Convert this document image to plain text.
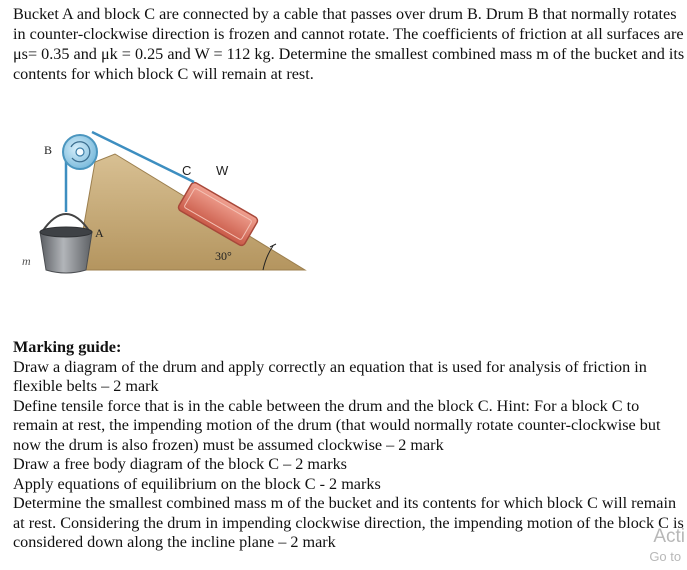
Bucket A and block C are connected by a cable that passes over drum B. Drum B that normally rotates in counter-clockwise direction is frozen and cannot rotate. The coefficients of friction at all surfaces are μs= 0.35 and μk = 0.25 and W = 112 kg. Determine the smallest combined mass m of the bucket and its contents for which block C will remain at rest.

30°
C W
B
A
m

Marking guide:

Draw a diagram of the drum and apply correctly an equation that is used for analysis of friction in flexible belts – 2 mark

Define tensile force that is in the cable between the drum and the block C. Hint: For a block C to remain at rest, the impending motion of the drum (that would normally rotate counter-clockwise but now the drum is also frozen) must be assumed clockwise – 2 mark

Draw a free body diagram of the block C – 2 marks

Apply equations of equilibrium on the block C - 2 marks

Determine the smallest combined mass m of the bucket and its contents for which block C will remain at rest. Considering the drum in impending clockwise direction, the impending motion of the block C is considered down along the incline plane – 2 mark	Acti
Go to
